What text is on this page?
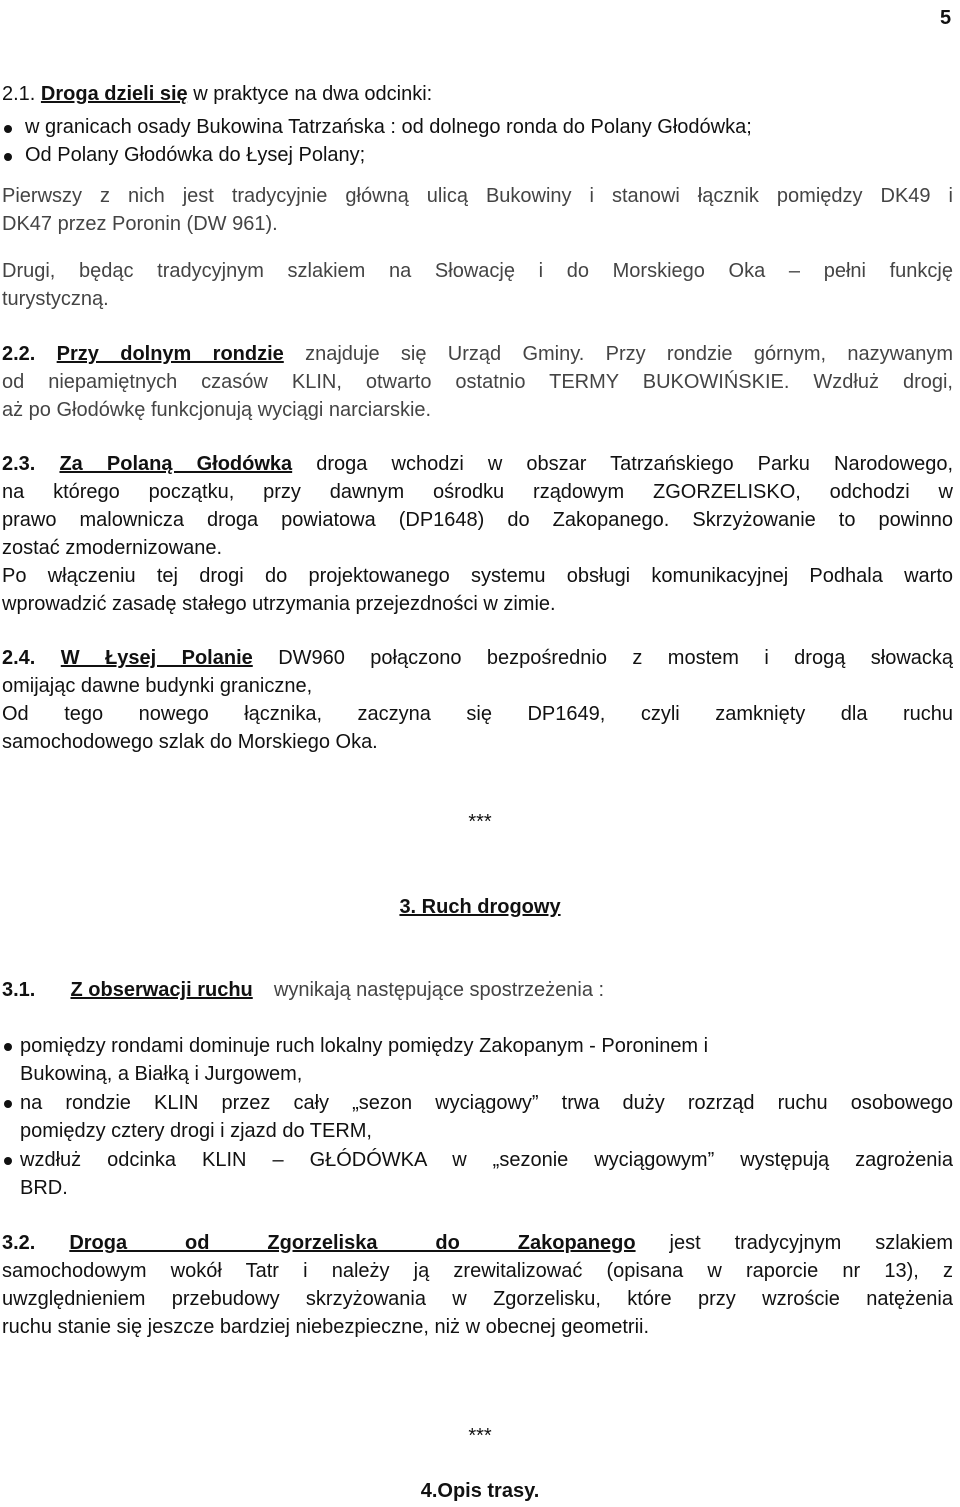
5
2.1. Droga dzieli się w praktyce na dwa odcinki:
w granicach osady Bukowina Tatrzańska : od dolnego ronda do Polany Głodówka;
Od Polany Głodówka do Łysej Polany;
Pierwszy z nich jest tradycyjnie główną ulicą Bukowiny i stanowi łącznik pomiędzy DK49 i
DK47 przez Poronin (DW 961).
Drugi, będąc tradycyjnym szlakiem na Słowację i do Morskiego Oka – pełni funkcję
turystyczną.
2.2. Przy dolnym rondzie znajduje się Urząd Gminy. Przy rondzie górnym, nazywanym
od niepamiętnych czasów KLIN, otwarto ostatnio TERMY BUKOWIŃSKIE. Wzdłuż drogi,
aż po Głodówkę funkcjonują wyciągi narciarskie.
2.3. Za Polaną Głodówka droga wchodzi w obszar Tatrzańskiego Parku Narodowego,
na którego początku, przy dawnym ośrodku rządowym ZGORZELISKO, odchodzi w
prawo malownicza droga powiatowa (DP1648) do Zakopanego. Skrzyżowanie to powinno
zostać zmodernizowane.
Po włączeniu tej drogi do projektowanego systemu obsługi komunikacyjnej Podhala warto
wprowadzić zasadę stałego utrzymania przejezdności w zimie.
2.4. W Łysej Polanie DW960 połączono bezpośrednio z mostem i drogą słowacką
omijając dawne budynki graniczne,
Od tego nowego łącznika, zaczyna się DP1649, czyli zamknięty dla ruchu
samochodowego szlak do Morskiego Oka.
***
3. Ruch drogowy
3.1. Z obserwacji ruchu wynikają następujące spostrzeżenia :
pomiędzy rondami dominuje ruch lokalny pomiędzy Zakopanym - Poroninem i
Bukowiną, a Białką i Jurgowem,
na rondzie KLIN przez cały „sezon wyciągowy” trwa duży rozrząd ruchu osobowego
pomiędzy cztery drogi i zjazd do TERM,
wzdłuż odcinka KLIN – GŁÓDÓWKA w „sezonie wyciągowym” występują zagrożenia
BRD.
3.2. Droga od Zgorzeliska do Zakopanego jest tradycyjnym szlakiem
samochodowym wokół Tatr i należy ją zrewitalizować (opisana w raporcie nr 13), z
uwzględnieniem przebudowy skrzyżowania w Zgorzelisku, które przy wzroście natężenia
ruchu stanie się jeszcze bardziej niebezpieczne, niż w obecnej geometrii.
***
4.Opis trasy.
